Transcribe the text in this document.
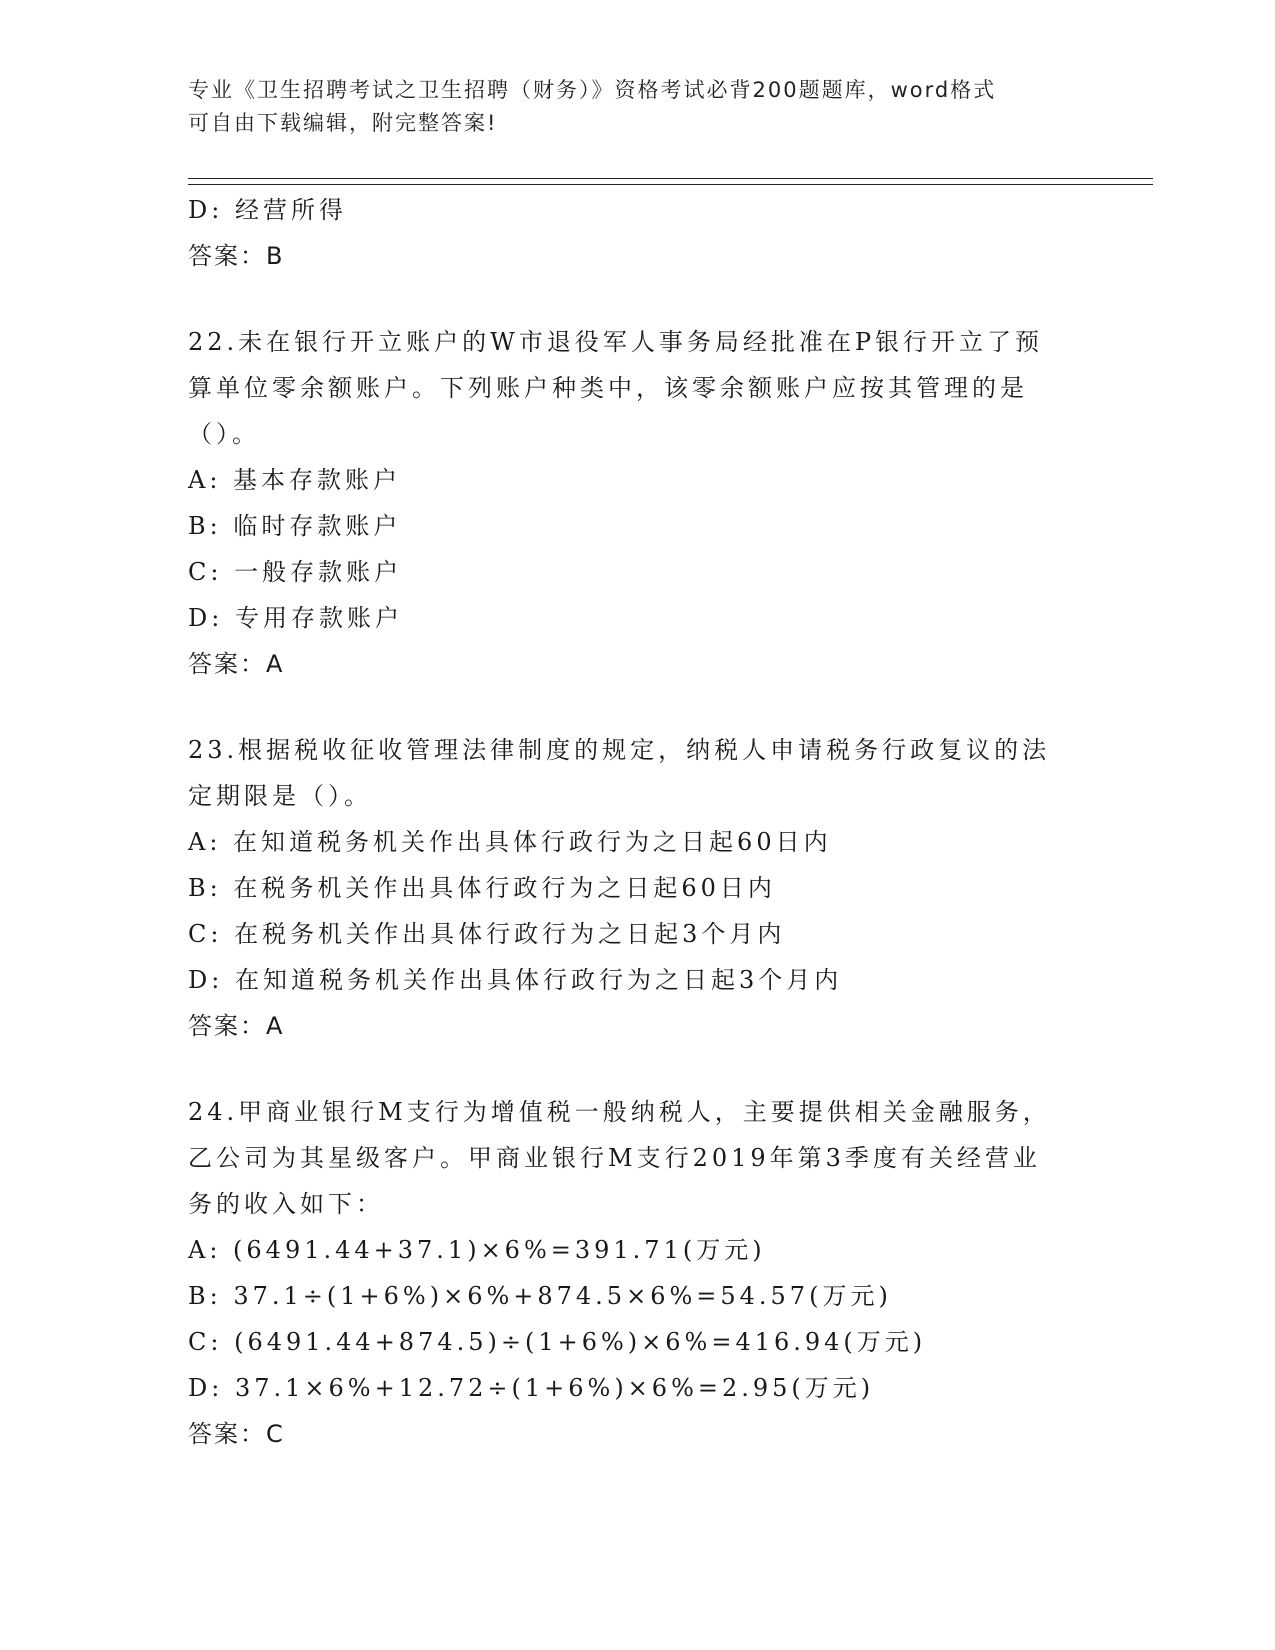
专业《卫生招聘考试之卫生招聘（财务）》资格考试必背200题题库，word格式
可自由下载编辑，附完整答案!
D: 经营所得
答案：B
22.未在银行开立账户的W市退役军人事务局经批准在P银行开立了预
算单位零余额账户。下列账户种类中，该零余额账户应按其管理的是
（）。
A: 基本存款账户
B: 临时存款账户
C: 一般存款账户
D: 专用存款账户
答案：A
23.根据税收征收管理法律制度的规定，纳税人申请税务行政复议的法
定期限是（）。
A: 在知道税务机关作出具体行政行为之日起60日内
B: 在税务机关作出具体行政行为之日起60日内
C: 在税务机关作出具体行政行为之日起3个月内
D: 在知道税务机关作出具体行政行为之日起3个月内
答案：A
24.甲商业银行M支行为增值税一般纳税人，主要提供相关金融服务，
乙公司为其星级客户。甲商业银行M支行2019年第3季度有关经营业
务的收入如下：
A: (6491.44+37.1)×6%=391.71(万元)
B: 37.1÷(1+6%)×6%+874.5×6%=54.57(万元)
C: (6491.44+874.5)÷(1+6%)×6%=416.94(万元)
D: 37.1×6%+12.72÷(1+6%)×6%=2.95(万元)
答案：C
